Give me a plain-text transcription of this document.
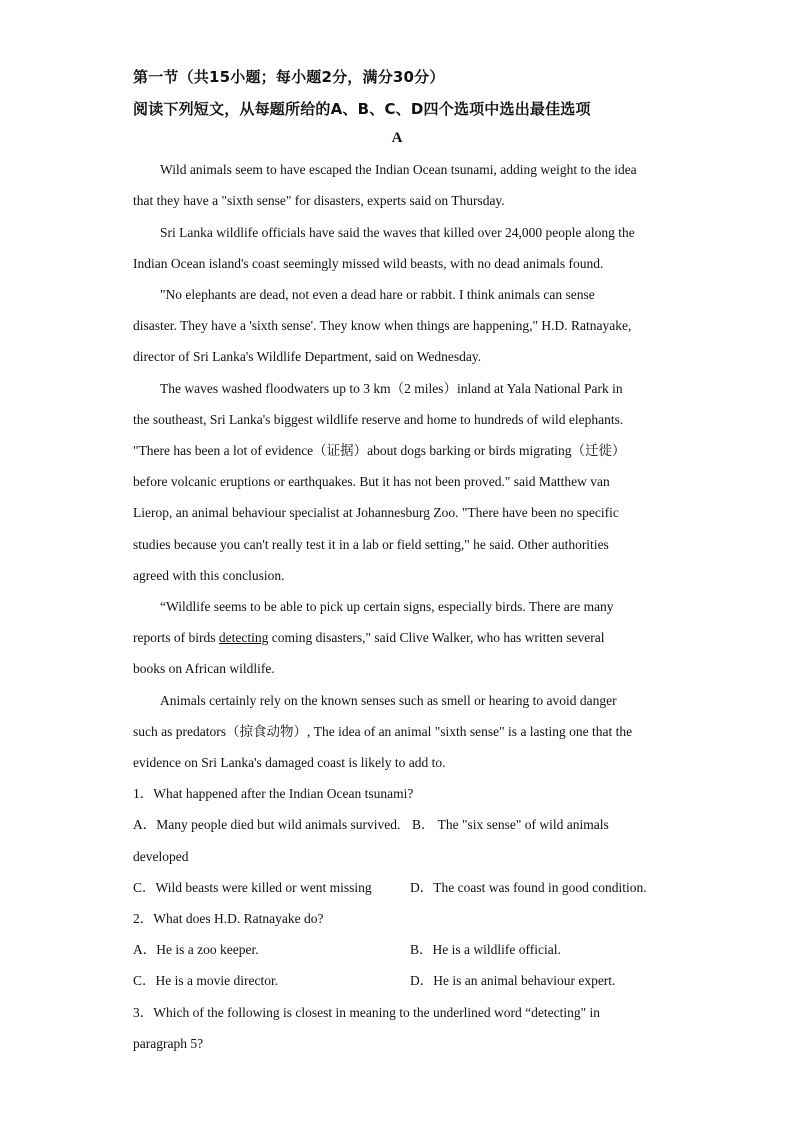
第一节（共15小题；每小题2分，满分30分）
阅读下列短文，从每题所给的A、B、C、D四个选项中选出最佳选项
A
Wild animals seem to have escaped the Indian Ocean tsunami, adding weight to the idea
that they have a "sixth sense" for disasters, experts said on Thursday.
Sri Lanka wildlife officials have said the waves that killed over 24,000 people along the
Indian Ocean island's coast seemingly missed wild beasts, with no dead animals found.
"No elephants are dead, not even a dead hare or rabbit. I think animals can sense
disaster. They have a 'sixth sense'. They know when things are happening," H.D. Ratnayake,
director of Sri Lanka's Wildlife Department, said on Wednesday.
The waves washed floodwaters up to 3 km（2 miles）inland at Yala National Park in
the southeast, Sri Lanka's biggest wildlife reserve and home to hundreds of wild elephants.
"There has been a lot of evidence（证据）about dogs barking or birds migrating（迁徙）
before volcanic eruptions or earthquakes. But it has not been proved." said Matthew van
Lierop, an animal behaviour specialist at Johannesburg Zoo. "There have been no specific
studies because you can't really test it in a lab or field setting," he said. Other authorities
agreed with this conclusion.
“Wildlife seems to be able to pick up certain signs, especially birds. There are many
reports of birds detecting coming disasters," said Clive Walker, who has written several
books on African wildlife.
Animals certainly rely on the known senses such as smell or hearing to avoid danger
such as predators（掠食动物）, The idea of an animal "sixth sense" is a lasting one that the
evidence on Sri Lanka's damaged coast is likely to add to.
1．What happened after the Indian Ocean tsunami?
A．Many people died but wild animals survived. B． The "six sense" of wild animals
developed
C．Wild beasts were killed or went missing	D．The coast was found in good condition.
2．What does H.D. Ratnayake do?
A．He is a zoo keeper.	B．He is a wildlife official.
C．He is a movie director.	D．He is an animal behaviour expert.
3．Which of the following is closest in meaning to the underlined word “detecting" in
paragraph 5?
